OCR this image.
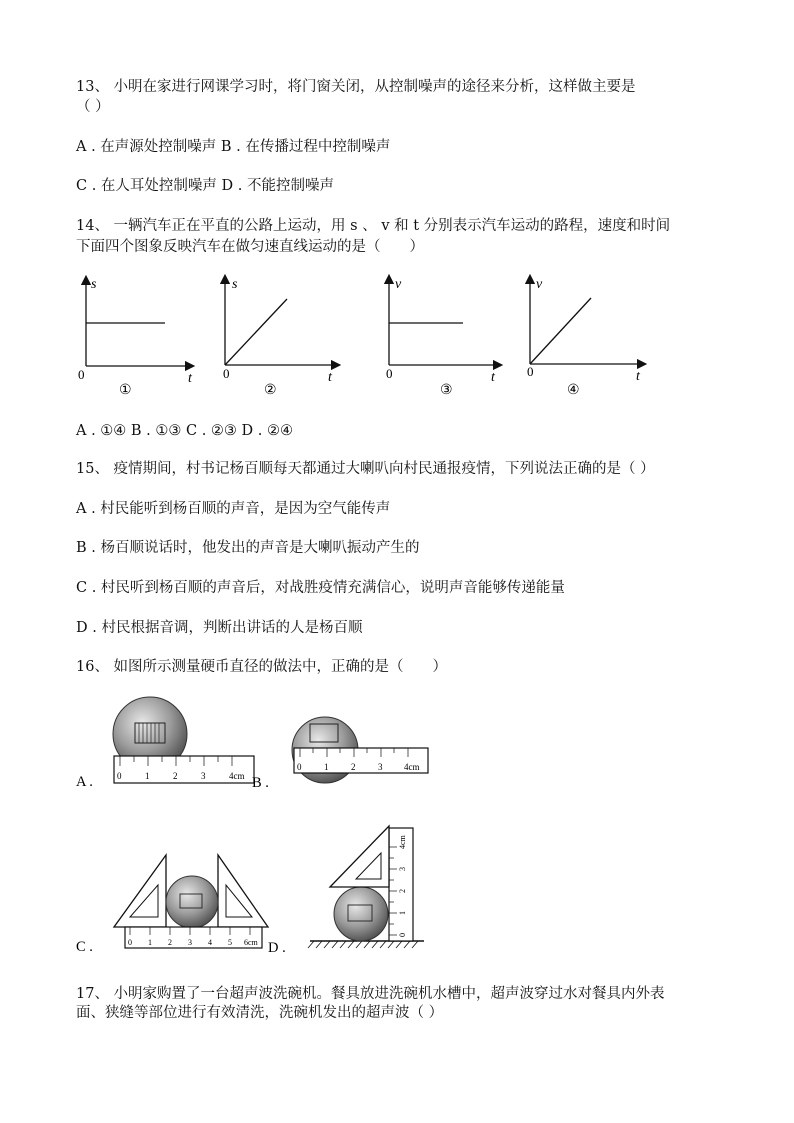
13、 小明在家进行网课学习时，将门窗关闭，从控制噪声的途径来分析，这样做主要是
（ ）
A . 在声源处控制噪声 B . 在传播过程中控制噪声
C . 在人耳处控制噪声 D . 不能控制噪声
14、 一辆汽车正在平直的公路上运动，用 s 、 v 和 t 分别表示汽车运动的路程，速度和时间
下面四个图象反映汽车在做匀速直线运动的是（　　）
s
t
0
①
s
t
0
②
v
t
0
③
v
t
0
④
A . ①④ B . ①③ C . ②③ D . ②④
15、 疫情期间，村书记杨百顺每天都通过大喇叭向村民通报疫情，下列说法正确的是（ ）
A . 村民能听到杨百顺的声音，是因为空气能传声
B . 杨百顺说话时，他发出的声音是大喇叭振动产生的
C . 村民听到杨百顺的声音后，对战胜疫情充满信心，说明声音能够传递能量
D . 村民根据音调，判断出讲话的人是杨百顺
16、 如图所示测量硬币直径的做法中，正确的是（　　）
0	1	2	3	4cm
A .
0	1	2	3 4cm
B .
0 1 2 3 4 5 6cm
C .
0
1
2
3
4cm
D .
17、 小明家购置了一台超声波洗碗机。餐具放进洗碗机水槽中，超声波穿过水对餐具内外表
面、狭缝等部位进行有效清洗，洗碗机发出的超声波（ ）
